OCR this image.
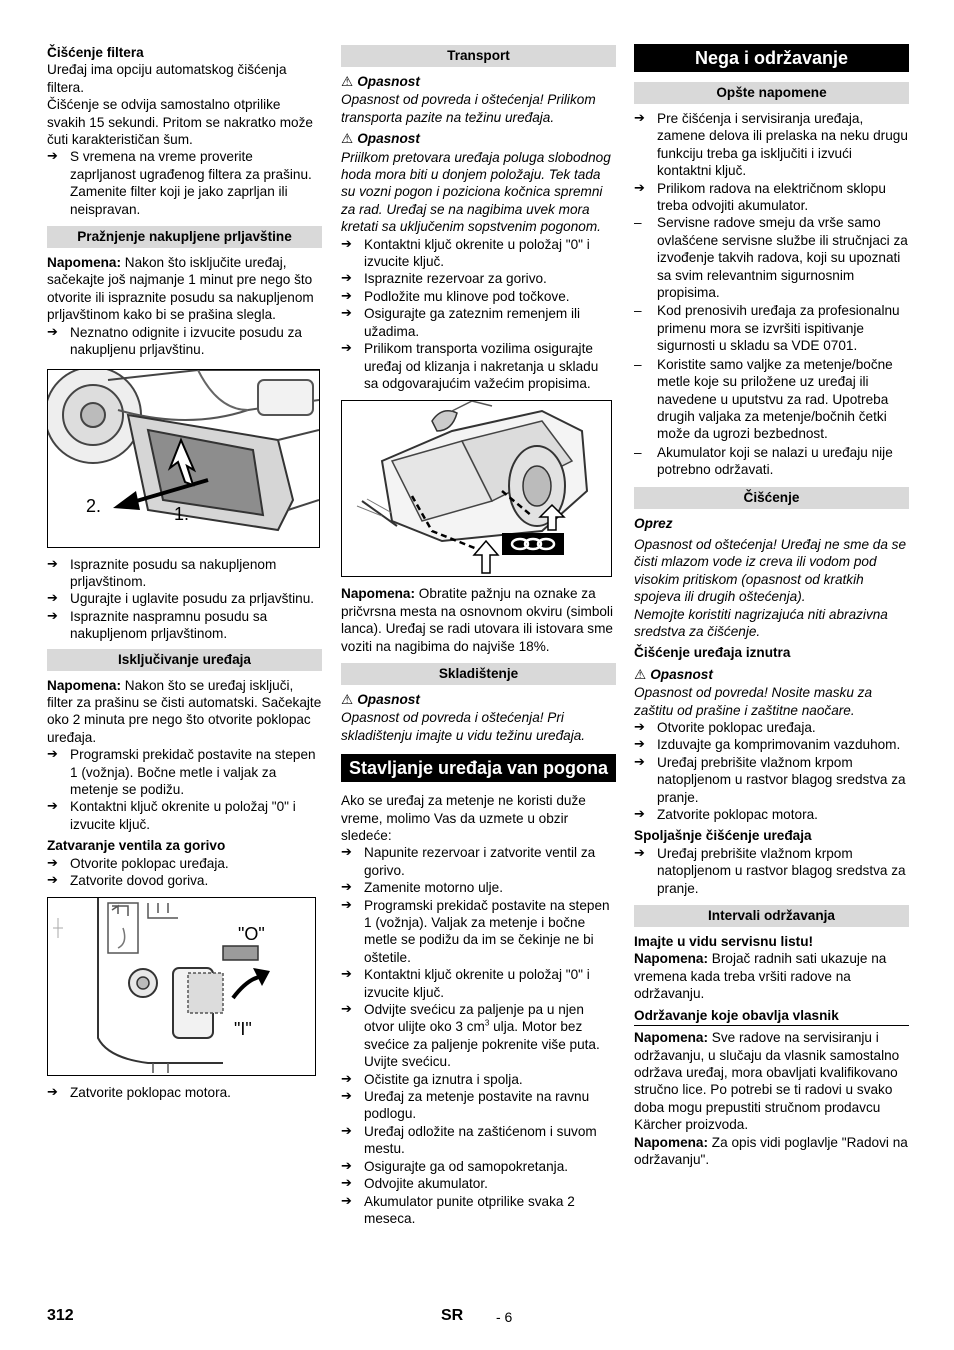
Čišćenje filtera

Uređaj ima opciju automatskog čišćenja filtera.

Čišćenje se odvija samostalno otprilike svakih 15 sekundi. Pritom se nakratko može čuti karakterističan šum.

➔ S vremena na vreme proverite zaprljanost ugrađenog filtera za prašinu. Zamenite filter koji je jako zaprljan ili neispravan.

Pražnjenje nakupljene prljavštine

Napomena: Nakon što isključite uređaj, sačekajte još najmanje 1 minut pre nego što otvorite ili ispraznite posudu sa nakupljenom prljavštinom kako bi se prašina slegla.

➔ Neznatno odignite i izvucite posudu za nakupljenu prljavštinu.

2.	1.

➔ Ispraznite posudu sa nakupljenom prljavštinom.

➔ Ugurajte i uglavite posudu za prljavštinu.

➔ Ispraznite naspramnu posudu sa nakupljenom prljavštinom.

Isključivanje uređaja

Napomena: Nakon što se uređaj isključi, filter za prašinu se čisti automatski. Sačekajte oko 2 minuta pre nego što otvorite poklopac uređaja.

➔ Programski prekidač postavite na stepen 1 (vožnja). Bočne metle i valjak za metenje se podižu.

➔ Kontaktni ključ okrenite u položaj "0" i izvucite ključ.

Zatvaranje ventila za gorivo

➔ Otvorite poklopac uređaja.

➔ Zatvorite dovod goriva.

"O"
"I"

➔ Zatvorite poklopac motora.

Transport

⚠ Opasnost

Opasnost od povreda i oštećenja! Prilikom transporta pazite na težinu uređaja.

⚠ Opasnost

Priilkom pretovara uređaja poluga slobodnog hoda mora biti u donjem položaju. Tek tada su vozni pogon i poziciona kočnica spremni za rad. Uređaj se na nagibima uvek mora kretati sa uključenim sopstvenim pogonom.

➔ Kontaktni ključ okrenite u položaj "0" i izvucite ključ.

➔ Ispraznite rezervoar za gorivo.

➔ Podložite mu klinove pod točkove.

➔ Osigurajte ga zateznim remenjem ili užadima.

➔ Prilikom transporta vozilima osigurajte uređaj od klizanja i nakretanja u skladu sa odgovarajućim važećim propisima.

Napomena: Obratite pažnju na oznake za pričvrsna mesta na osnovnom okviru (simboli lanca). Uređaj se radi utovara ili istovara sme voziti na nagibima do najviše 18%.

Skladištenje

⚠ Opasnost

Opasnost od povreda i oštećenja! Pri skladištenju imajte u vidu težinu uređaja.

Stavljanje uređaja van pogona

Ako se uređaj za metenje ne koristi duže vreme, molimo Vas da uzmete u obzir sledeće:

➔ Napunite rezervoar i zatvorite ventil za gorivo.

➔ Zamenite motorno ulje.

➔ Programski prekidač postavite na stepen 1 (vožnja). Valjak za metenje i bočne metle se podižu da im se čekinje ne bi oštetile.

➔ Kontaktni ključ okrenite u položaj "0" i izvucite ključ.

➔ Odvijte svećicu za paljenje pa u njen otvor ulijte oko 3 $cm^3$ ulja. Motor bez svećice za paljenje pokrenite više puta. Uvijte svećicu.

➔ Očistite ga iznutra i spolja.

➔ Uređaj za metenje postavite na ravnu podlogu.

➔ Uređaj odložite na zaštićenom i suvom mestu.

➔ Osigurajte ga od samopokretanja.

➔ Odvojite akumulator.

➔ Akumulator punite otprilike svaka 2 meseca.

Nega i održavanje
Opšte napomene

➔ Pre čišćenja i servisiranja uređaja, zamene delova ili prelaska na neku drugu funkciju treba ga isključiti i izvući kontaktni ključ.

➔ Prilikom radova na električnom sklopu treba odvojiti akumulator.

– Servisne radove smeju da vrše samo ovlašćene servisne službe ili stručnjaci za izvođenje takvih radova, koji su upoznati sa svim relevantnim sigurnosnim propisima.

– Kod prenosivih uređaja za profesionalnu primenu mora se izvršiti ispitivanje sigurnosti u skladu sa VDE 0701.

– Koristite samo valjke za metenje/bočne metle koje su priložene uz uređaj ili navedene u uputstvu za rad. Upotreba drugih valjaka za metenje/bočnih četki može da ugrozi bezbednost.

– Akumulator koji se nalazi u uređaju nije potrebno održavati.

Čišćenje

Oprez

Opasnost od oštećenja! Uređaj ne sme da se čisti mlazom vode iz creva ili vodom pod visokim pritiskom (opasnost od kratkih spojeva ili drugih oštećenja).

Nemojte koristiti nagrizajuća niti abrazivna sredstva za čišćenje.

Čišćenje uređaja iznutra

⚠ Opasnost

Opasnost od povreda! Nosite masku za zaštitu od prašine i zaštitne naočare.

➔ Otvorite poklopac uređaja.

➔ Izduvajte ga komprimovanim vazduhom.

➔ Uređaj prebrišite vlažnom krpom natopljenom u rastvor blagog sredstva za pranje.

➔ Zatvorite poklopac motora.

Spoljašnje čišćenje uređaja

➔ Uređaj prebrišite vlažnom krpom natopljenom u rastvor blagog sredstva za pranje.

Intervali održavanja

Imajte u vidu servisnu listu!

Napomena: Brojač radnih sati ukazuje na vremena kada treba vršiti radove na održavanju.

Održavanje koje obavlja vlasnik

Napomena: Sve radove na servisiranju i održavanju, u slučaju da vlasnik samostalno održava uređaj, mora obavljati kvalifikovano stručno lice. Po potrebi se ti radovi u svako doba mogu prepustiti stručnom prodavcu Kärcher proizvoda.

Napomena: Za opis vidi poglavlje "Radovi na održavanju".

312	SR - 6
